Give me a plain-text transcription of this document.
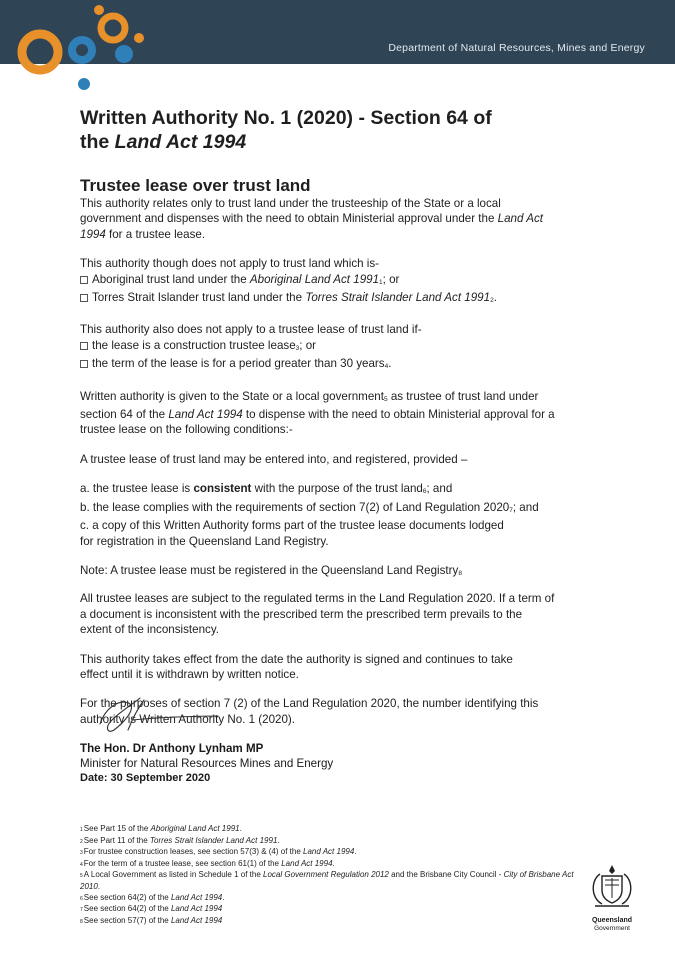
Department of Natural Resources, Mines and Energy
Written Authority No. 1 (2020) - Section 64 of
the Land Act 1994
Trustee lease over trust land
This authority relates only to trust land under the trusteeship of the State or a local
government and dispenses with the need to obtain Ministerial approval under the Land Act
1994 for a trustee lease.
This authority though does not apply to trust land which is-
Aboriginal trust land under the Aboriginal Land Act $1991_1$; or
Torres Strait Islander trust land under the Torres Strait Islander Land Act $1991_2$.
This authority also does not apply to a trustee lease of trust land if-
the lease is a construction trustee lease$_3$; or
the term of the lease is for a period greater than 30 years$_4$.
Written authority is given to the State or a local government$_5$ as trustee of trust land under
section 64 of the Land Act 1994 to dispense with the need to obtain Ministerial approval for a
trustee lease on the following conditions:-
A trustee lease of trust land may be entered into, and registered, provided –
a. the trustee lease is consistent with the purpose of the trust land$_6$; and
b. the lease complies with the requirements of section 7(2) of Land Regulation $2020_7$; and
c. a copy of this Written Authority forms part of the trustee lease documents lodged
for registration in the Queensland Land Registry.
Note: A trustee lease must be registered in the Queensland Land Registry$_8$
All trustee leases are subject to the regulated terms in the Land Regulation 2020. If a term of
a document is inconsistent with the prescribed term the prescribed term prevails to the
extent of the inconsistency.
This authority takes effect from the date the authority is signed and continues to take
effect until it is withdrawn by written notice.
For the purposes of section 7 (2) of the Land Regulation 2020, the number identifying this
authority is Written Authority No. 1 (2020).
The Hon. Dr Anthony Lynham MP
Minister for Natural Resources Mines and Energy
Date: 30 September 2020
1See Part 15 of the Aboriginal Land Act 1991.
2See Part 11 of the Torres Strait Islander Land Act 1991.
3For trustee construction leases, see section 57(3) & (4) of the Land Act 1994.
4For the term of a trustee lease, see section 61(1) of the Land Act 1994.
5A Local Government as listed in Schedule 1 of the Local Government Regulation 2012 and the Brisbane City Council - City of Brisbane Act 2010.
6See section 64(2) of the Land Act 1994.
7See section 64(2) of the Land Act 1994
8See section 57(7) of the Land Act 1994	Queensland
Government
